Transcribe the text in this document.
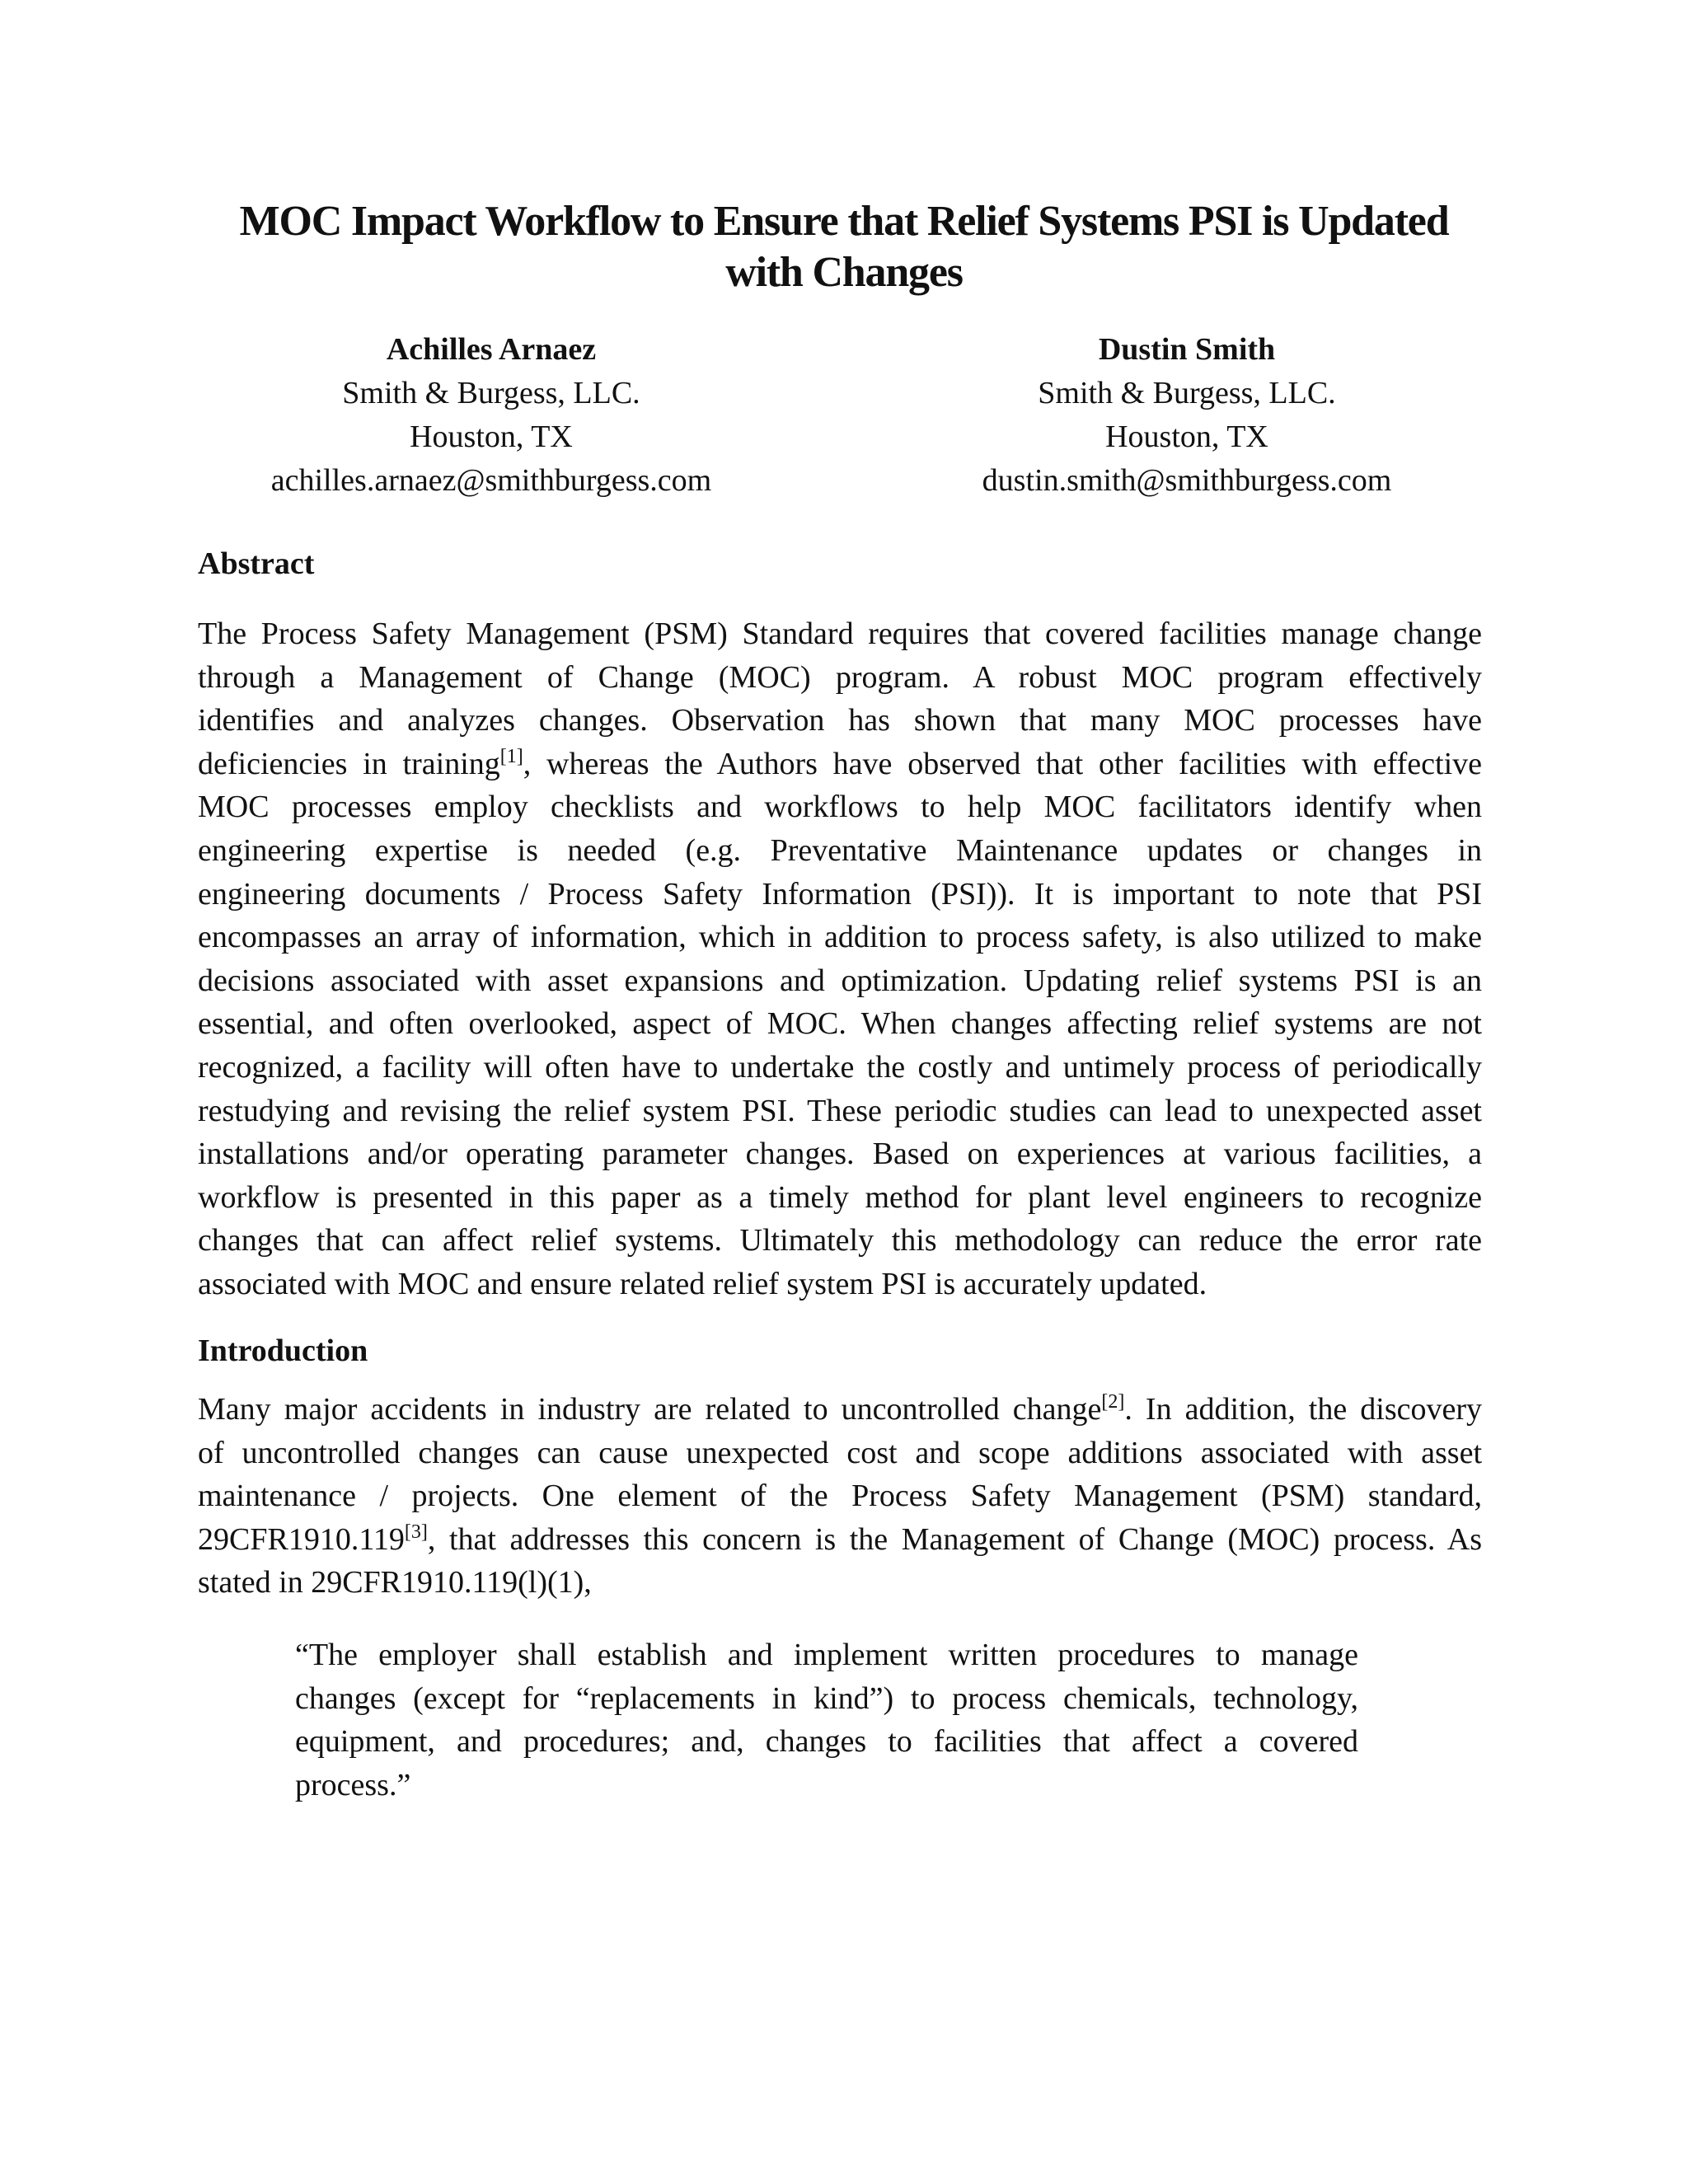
MOC Impact Workflow to Ensure that Relief Systems PSI is Updated
with Changes
Achilles Arnaez
Smith & Burgess, LLC.
Houston, TX
achilles.arnaez@smithburgess.com
Dustin Smith
Smith & Burgess, LLC.
Houston, TX
dustin.smith@smithburgess.com
Abstract
The Process Safety Management (PSM) Standard requires that covered facilities manage change
through a Management of Change (MOC) program. A robust MOC program effectively
identifies and analyzes changes. Observation has shown that many MOC processes have
deficiencies in training[1], whereas the Authors have observed that other facilities with effective
MOC processes employ checklists and workflows to help MOC facilitators identify when
engineering expertise is needed (e.g. Preventative Maintenance updates or changes in
engineering documents / Process Safety Information (PSI)). It is important to note that PSI
encompasses an array of information, which in addition to process safety, is also utilized to make
decisions associated with asset expansions and optimization. Updating relief systems PSI is an
essential, and often overlooked, aspect of MOC. When changes affecting relief systems are not
recognized, a facility will often have to undertake the costly and untimely process of periodically
restudying and revising the relief system PSI. These periodic studies can lead to unexpected asset
installations and/or operating parameter changes. Based on experiences at various facilities, a
workflow is presented in this paper as a timely method for plant level engineers to recognize
changes that can affect relief systems. Ultimately this methodology can reduce the error rate
associated with MOC and ensure related relief system PSI is accurately updated.
Introduction
Many major accidents in industry are related to uncontrolled change[2]. In addition, the discovery
of uncontrolled changes can cause unexpected cost and scope additions associated with asset
maintenance / projects. One element of the Process Safety Management (PSM) standard,
29CFR1910.119[3], that addresses this concern is the Management of Change (MOC) process. As
stated in 29CFR1910.119(l)(1),
“The employer shall establish and implement written procedures to manage
changes (except for “replacements in kind”) to process chemicals, technology,
equipment, and procedures; and, changes to facilities that affect a covered
process.”
